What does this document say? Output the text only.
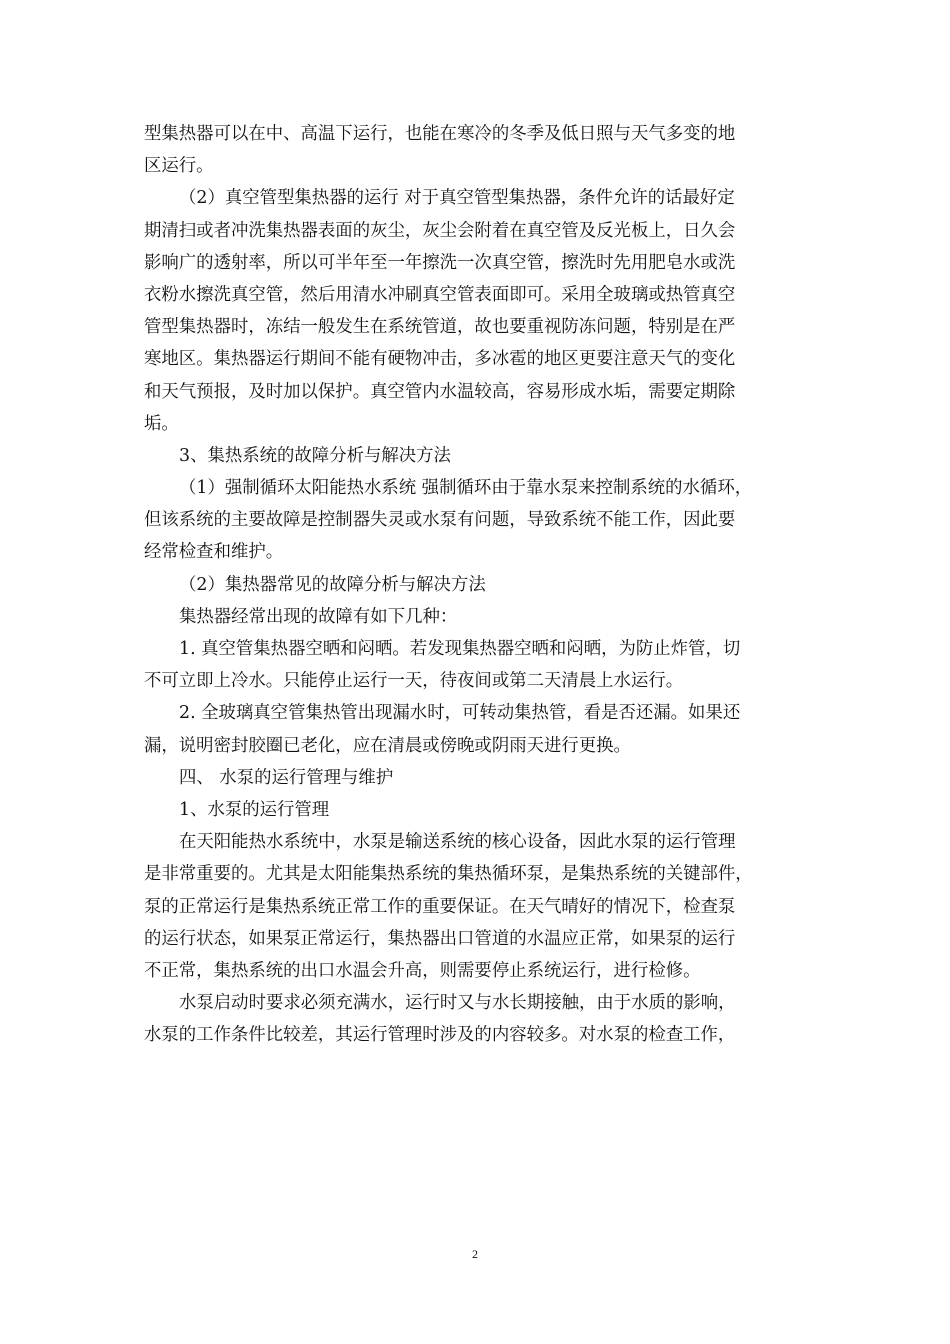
型集热器可以在中、高温下运行，也能在寒冷的冬季及低日照与天气多变的地
区运行。
（2）真空管型集热器的运行 对于真空管型集热器，条件允许的话最好定
期清扫或者冲洗集热器表面的灰尘，灰尘会附着在真空管及反光板上，日久会
影响广的透射率，所以可半年至一年擦洗一次真空管，擦洗时先用肥皂水或洗
衣粉水擦洗真空管，然后用清水冲刷真空管表面即可。采用全玻璃或热管真空
管型集热器时，冻结一般发生在系统管道，故也要重视防冻问题，特别是在严
寒地区。集热器运行期间不能有硬物冲击，多冰雹的地区更要注意天气的变化
和天气预报，及时加以保护。真空管内水温较高，容易形成水垢，需要定期除
垢。
3、集热系统的故障分析与解决方法
（1）强制循环太阳能热水系统 强制循环由于靠水泵来控制系统的水循环，
但该系统的主要故障是控制器失灵或水泵有问题，导致系统不能工作，因此要
经常检查和维护。
（2）集热器常见的故障分析与解决方法
集热器经常出现的故障有如下几种：
1. 真空管集热器空晒和闷晒。若发现集热器空晒和闷晒，为防止炸管，切
不可立即上冷水。只能停止运行一天，待夜间或第二天清晨上水运行。
2. 全玻璃真空管集热管出现漏水时，可转动集热管，看是否还漏。如果还
漏，说明密封胶圈已老化，应在清晨或傍晚或阴雨天进行更换。
四、 水泵的运行管理与维护
1、水泵的运行管理
在天阳能热水系统中，水泵是输送系统的核心设备，因此水泵的运行管理
是非常重要的。尤其是太阳能集热系统的集热循环泵，是集热系统的关键部件，
泵的正常运行是集热系统正常工作的重要保证。在天气晴好的情况下，检查泵
的运行状态，如果泵正常运行，集热器出口管道的水温应正常，如果泵的运行
不正常，集热系统的出口水温会升高，则需要停止系统运行，进行检修。
水泵启动时要求必须充满水，运行时又与水长期接触，由于水质的影响，
水泵的工作条件比较差，其运行管理时涉及的内容较多。对水泵的检查工作，
2
